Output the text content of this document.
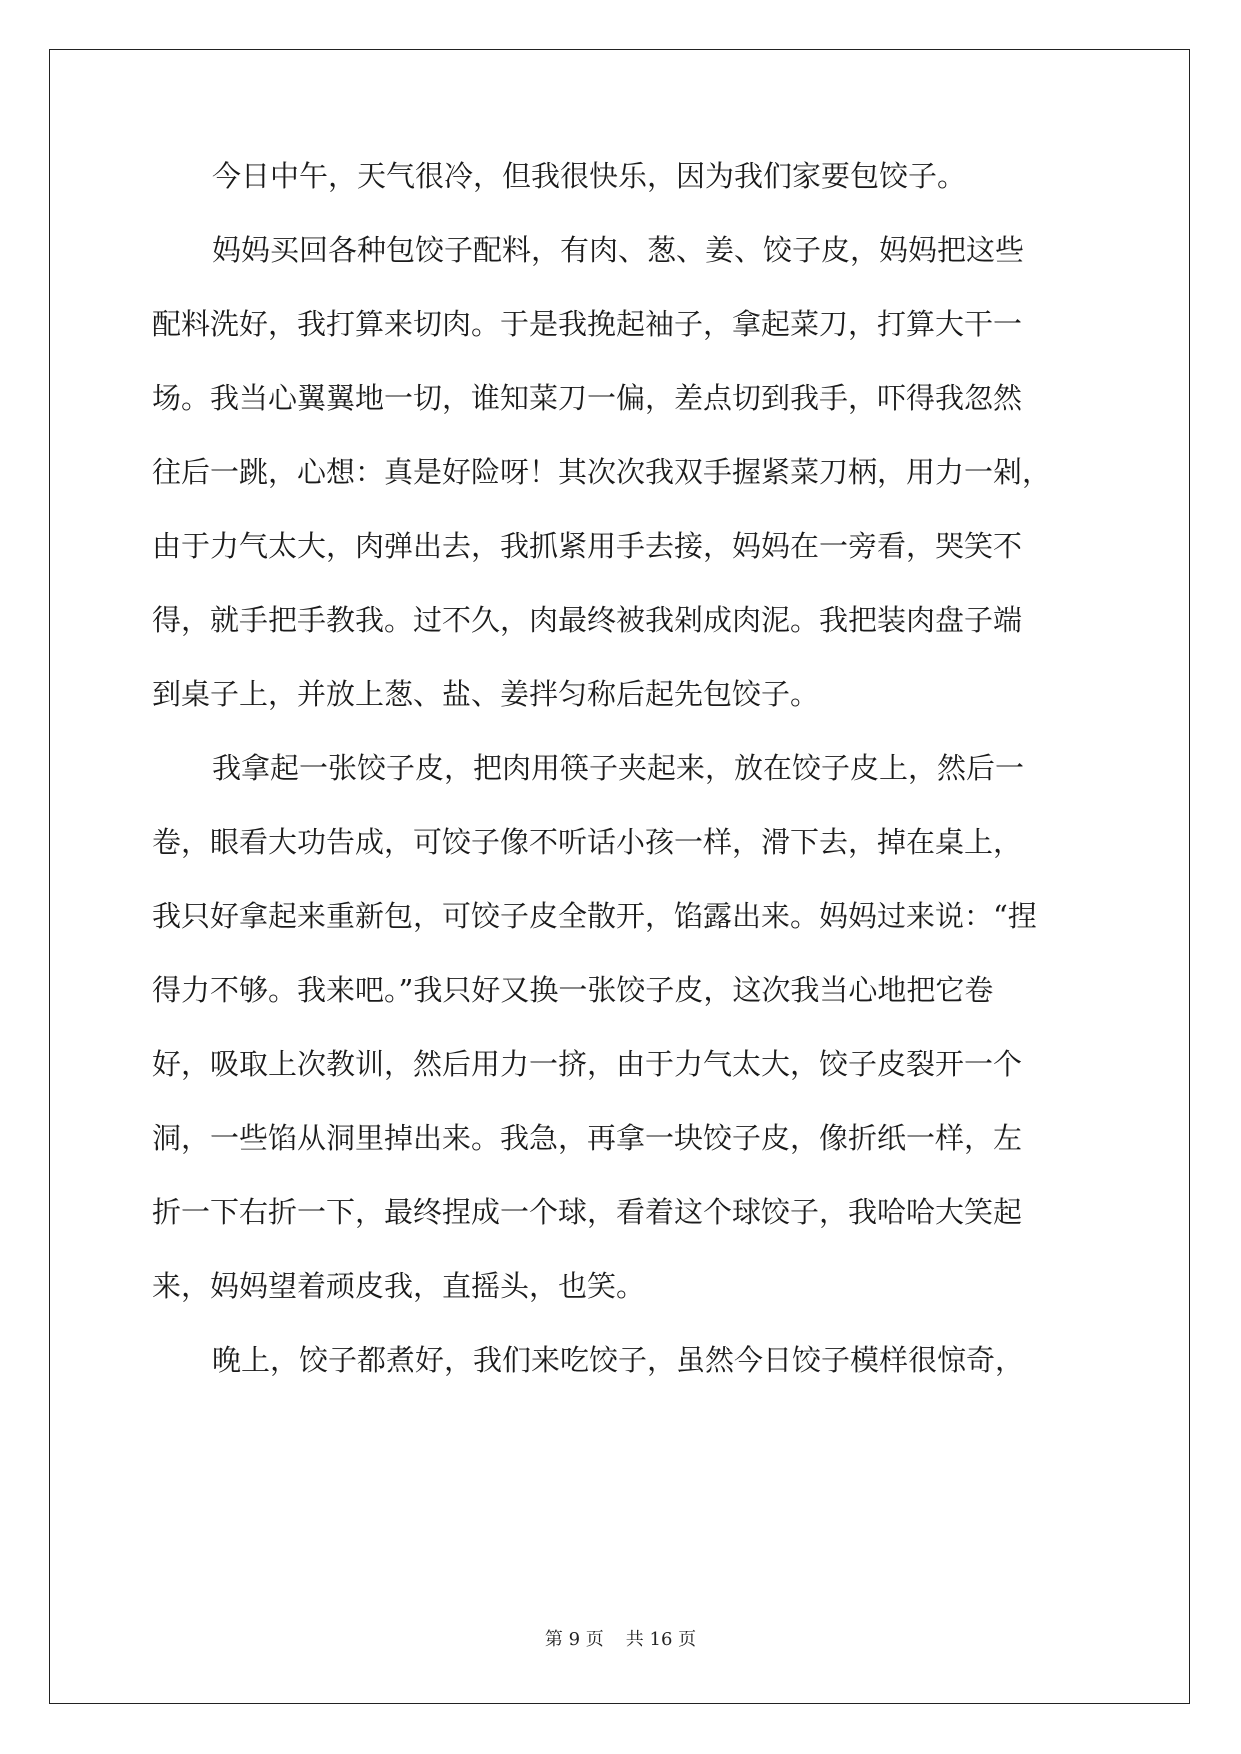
今日中午，天气很冷，但我很快乐，因为我们家要包饺子。
妈妈买回各种包饺子配料，有肉、葱、姜、饺子皮，妈妈把这些
配料洗好，我打算来切肉。于是我挽起袖子，拿起菜刀，打算大干一
场。我当心翼翼地一切，谁知菜刀一偏，差点切到我手，吓得我忽然
往后一跳，心想：真是好险呀！其次次我双手握紧菜刀柄，用力一剁，
由于力气太大，肉弹出去，我抓紧用手去接，妈妈在一旁看，哭笑不
得，就手把手教我。过不久，肉最终被我剁成肉泥。我把装肉盘子端
到桌子上，并放上葱、盐、姜拌匀称后起先包饺子。
我拿起一张饺子皮，把肉用筷子夹起来，放在饺子皮上，然后一
卷，眼看大功告成，可饺子像不听话小孩一样，滑下去，掉在桌上，
我只好拿起来重新包，可饺子皮全散开，馅露出来。妈妈过来说：“捏
得力不够。我来吧。”我只好又换一张饺子皮，这次我当心地把它卷
好，吸取上次教训，然后用力一挤，由于力气太大，饺子皮裂开一个
洞，一些馅从洞里掉出来。我急，再拿一块饺子皮，像折纸一样，左
折一下右折一下，最终捏成一个球，看着这个球饺子，我哈哈大笑起
来，妈妈望着顽皮我，直摇头，也笑。
晚上，饺子都煮好，我们来吃饺子，虽然今日饺子模样很惊奇，
第 9 页 共 16 页
